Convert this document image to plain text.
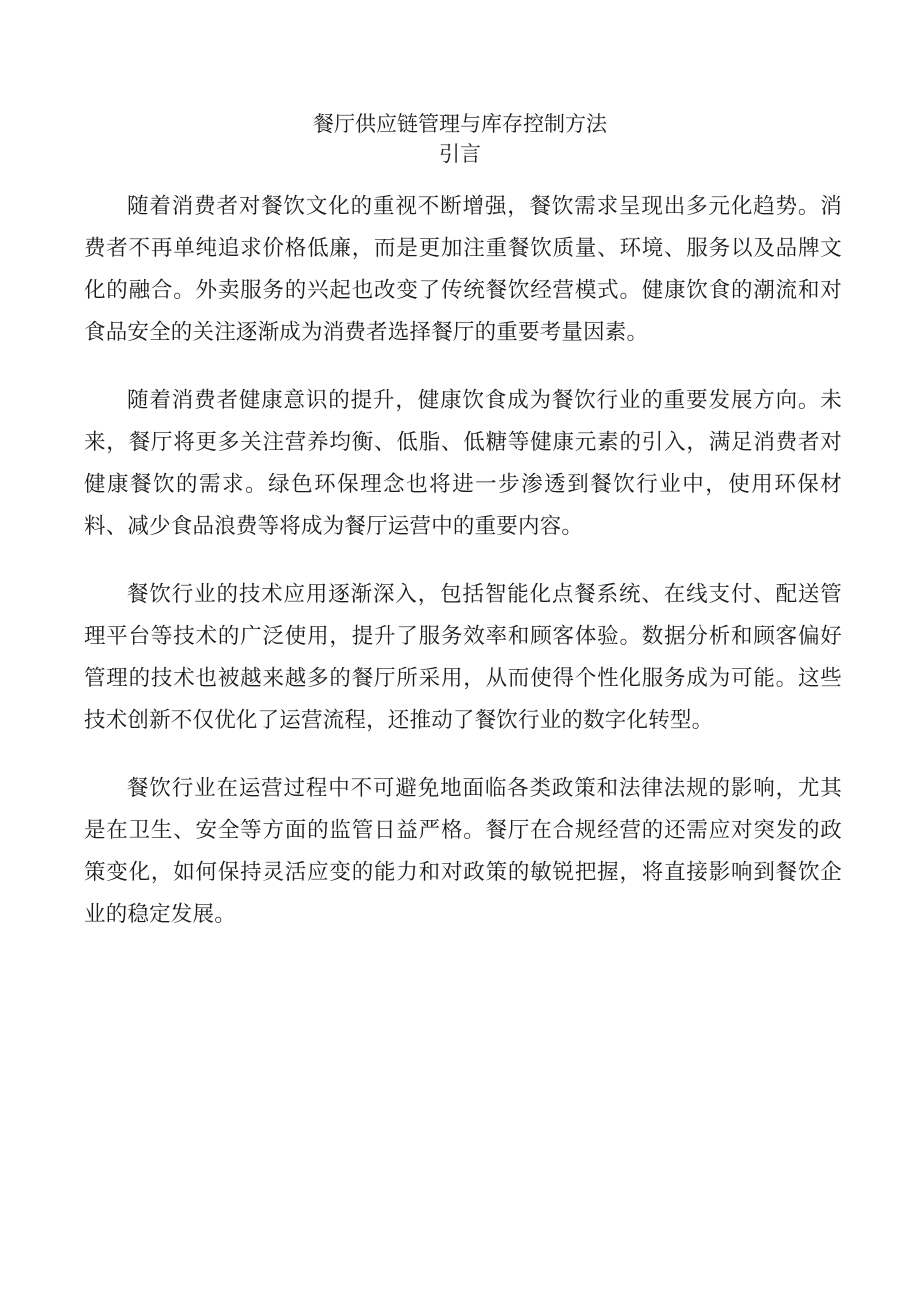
餐厅供应链管理与库存控制方法
引言

随着消费者对餐饮文化的重视不断增强，餐饮需求呈现出多元化趋势。消费者不再单纯追求价格低廉，而是更加注重餐饮质量、环境、服务以及品牌文化的融合。外卖服务的兴起也改变了传统餐饮经营模式。健康饮食的潮流和对食品安全的关注逐渐成为消费者选择餐厅的重要考量因素。

随着消费者健康意识的提升，健康饮食成为餐饮行业的重要发展方向。未来，餐厅将更多关注营养均衡、低脂、低糖等健康元素的引入，满足消费者对健康餐饮的需求。绿色环保理念也将进一步渗透到餐饮行业中，使用环保材料、减少食品浪费等将成为餐厅运营中的重要内容。

餐饮行业的技术应用逐渐深入，包括智能化点餐系统、在线支付、配送管理平台等技术的广泛使用，提升了服务效率和顾客体验。数据分析和顾客偏好管理的技术也被越来越多的餐厅所采用，从而使得个性化服务成为可能。这些技术创新不仅优化了运营流程，还推动了餐饮行业的数字化转型。

餐饮行业在运营过程中不可避免地面临各类政策和法律法规的影响，尤其是在卫生、安全等方面的监管日益严格。餐厅在合规经营的还需应对突发的政策变化，如何保持灵活应变的能力和对政策的敏锐把握，将直接影响到餐饮企业的稳定发展。
